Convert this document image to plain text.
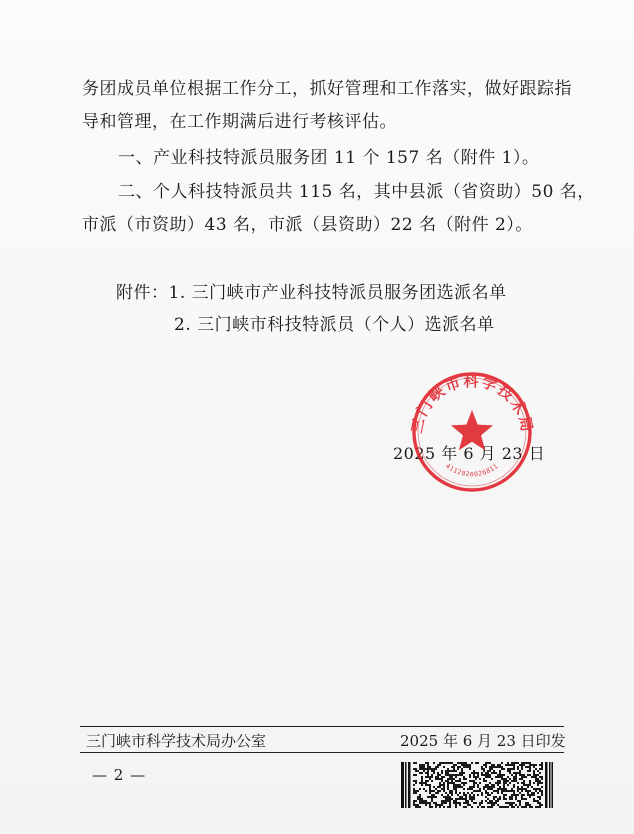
务团成员单位根据工作分工，抓好管理和工作落实，做好跟踪指
导和管理，在工作期满后进行考核评估。
一、产业科技特派员服务团 11 个 157 名（附件 1）。
二、个人科技特派员共 115 名，其中县派（省资助）50 名，
市派（市资助）43 名，市派（县资助）22 名（附件 2）。
附件：1. 三门峡市产业科技特派员服务团选派名单
2. 三门峡市科技特派员（个人）选派名单
2025 年 6 月 23 日
三门峡市科学技术局
4112020026811
三门峡市科学技术局办公室	2025 年 6 月 23 日印发
— 2 —
